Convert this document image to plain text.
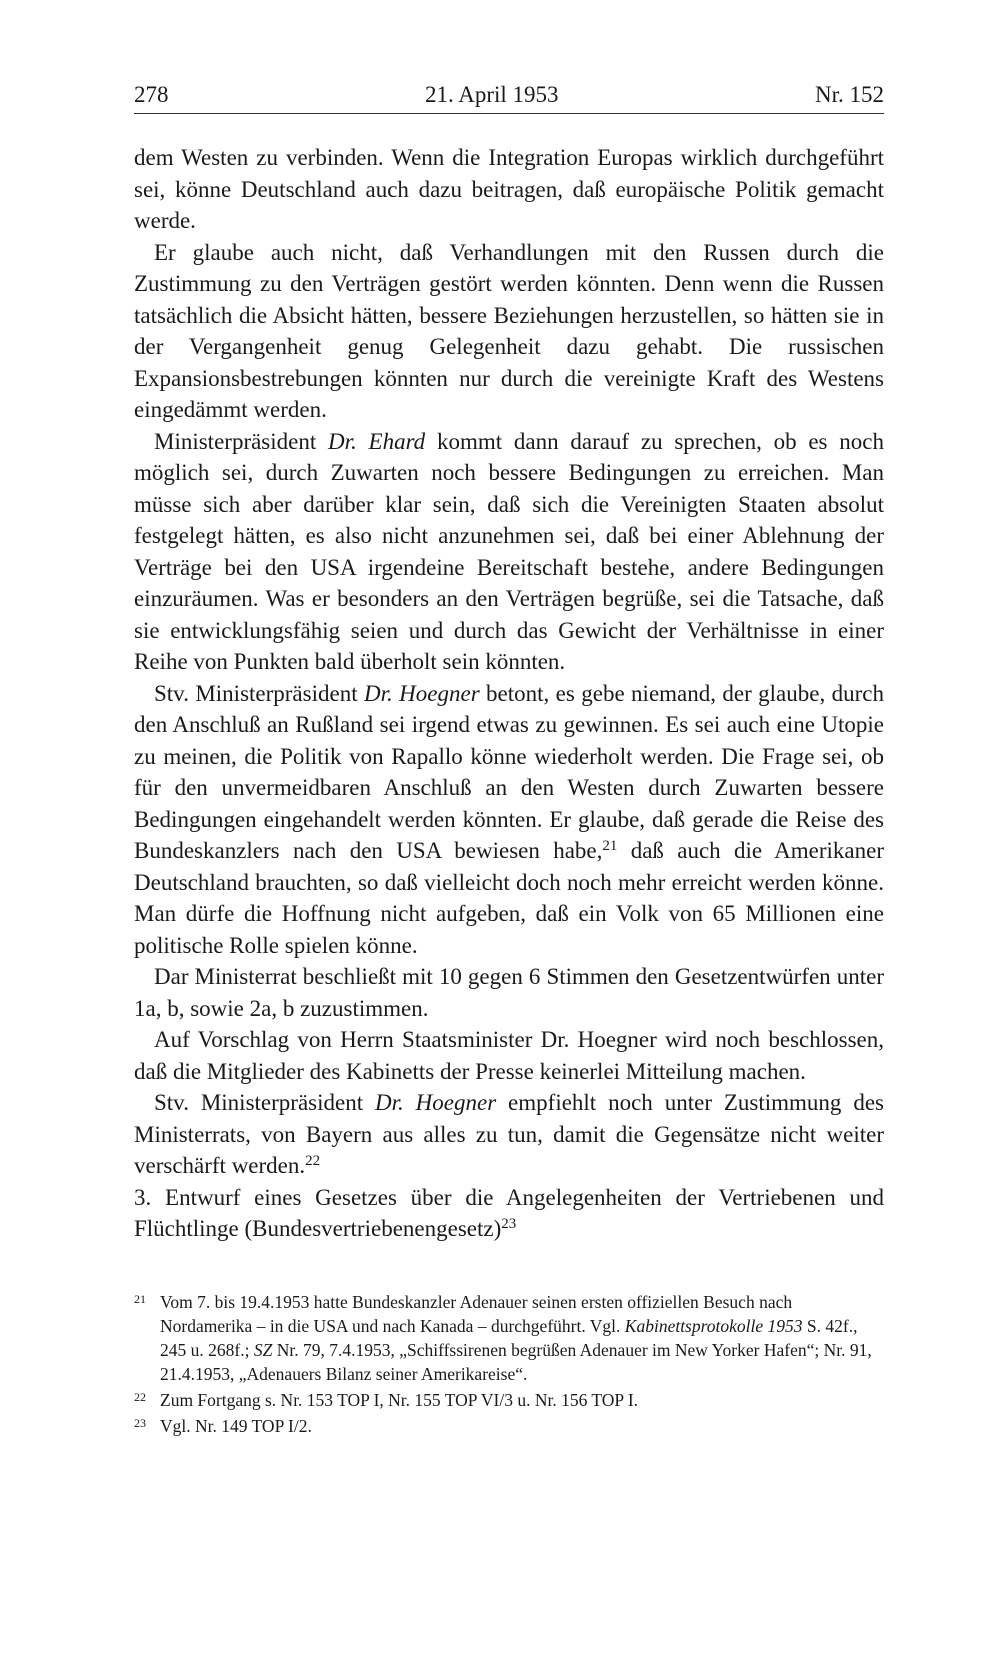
278	21. April 1953	Nr. 152

dem Westen zu verbinden. Wenn die Integration Europas wirklich durchgeführt sei, könne Deutschland auch dazu beitragen, daß europäische Politik gemacht werde.

Er glaube auch nicht, daß Verhandlungen mit den Russen durch die Zustimmung zu den Verträgen gestört werden könnten. Denn wenn die Russen tatsächlich die Absicht hätten, bessere Beziehungen herzustellen, so hätten sie in der Vergangenheit genug Gelegenheit dazu gehabt. Die russischen Expansionsbestrebungen könnten nur durch die vereinigte Kraft des Westens eingedämmt werden.

Ministerpräsident Dr. Ehard kommt dann darauf zu sprechen, ob es noch möglich sei, durch Zuwarten noch bessere Bedingungen zu erreichen. Man müsse sich aber darüber klar sein, daß sich die Vereinigten Staaten absolut festgelegt hätten, es also nicht anzunehmen sei, daß bei einer Ablehnung der Verträge bei den USA irgendeine Bereitschaft bestehe, andere Bedingungen einzuräumen. Was er besonders an den Verträgen begrüße, sei die Tatsache, daß sie entwicklungsfähig seien und durch das Gewicht der Verhältnisse in einer Reihe von Punkten bald überholt sein könnten.

Stv. Ministerpräsident Dr. Hoegner betont, es gebe niemand, der glaube, durch den Anschluß an Rußland sei irgend etwas zu gewinnen. Es sei auch eine Utopie zu meinen, die Politik von Rapallo könne wiederholt werden. Die Frage sei, ob für den unvermeidbaren Anschluß an den Westen durch Zuwarten bessere Bedingungen eingehandelt werden könnten. Er glaube, daß gerade die Reise des Bundeskanzlers nach den USA bewiesen habe,$^{21}$ daß auch die Amerikaner Deutschland brauchten, so daß vielleicht doch noch mehr erreicht werden könne. Man dürfe die Hoffnung nicht aufgeben, daß ein Volk von 65 Millionen eine politische Rolle spielen könne.

Dar Ministerrat beschließt mit 10 gegen 6 Stimmen den Gesetzentwürfen unter 1a, b, sowie 2a, b zuzustimmen.

Auf Vorschlag von Herrn Staatsminister Dr. Hoegner wird noch beschlossen, daß die Mitglieder des Kabinetts der Presse keinerlei Mitteilung machen.

Stv. Ministerpräsident Dr. Hoegner empfiehlt noch unter Zustimmung des Ministerrats, von Bayern aus alles zu tun, damit die Gegensätze nicht weiter verschärft werden.$^{22}$

3. Entwurf eines Gesetzes über die Angelegenheiten der Vertriebenen und Flüchtlinge (Bundesvertriebenengesetz)$^{23}$

21 Vom 7. bis 19.4.1953 hatte Bundeskanzler Adenauer seinen ersten offiziellen Besuch nach Nordamerika – in die USA und nach Kanada – durchgeführt. Vgl. Kabinettsprotokolle 1953 S. 42f., 245 u. 268f.; SZ Nr. 79, 7.4.1953, „Schiffssirenen begrüßen Adenauer im New Yorker Hafen“; Nr. 91, 21.4.1953, „Adenauers Bilanz seiner Amerikareise“.
22 Zum Fortgang s. Nr. 153 TOP I, Nr. 155 TOP VI/3 u. Nr. 156 TOP I.
23 Vgl. Nr. 149 TOP I/2.
